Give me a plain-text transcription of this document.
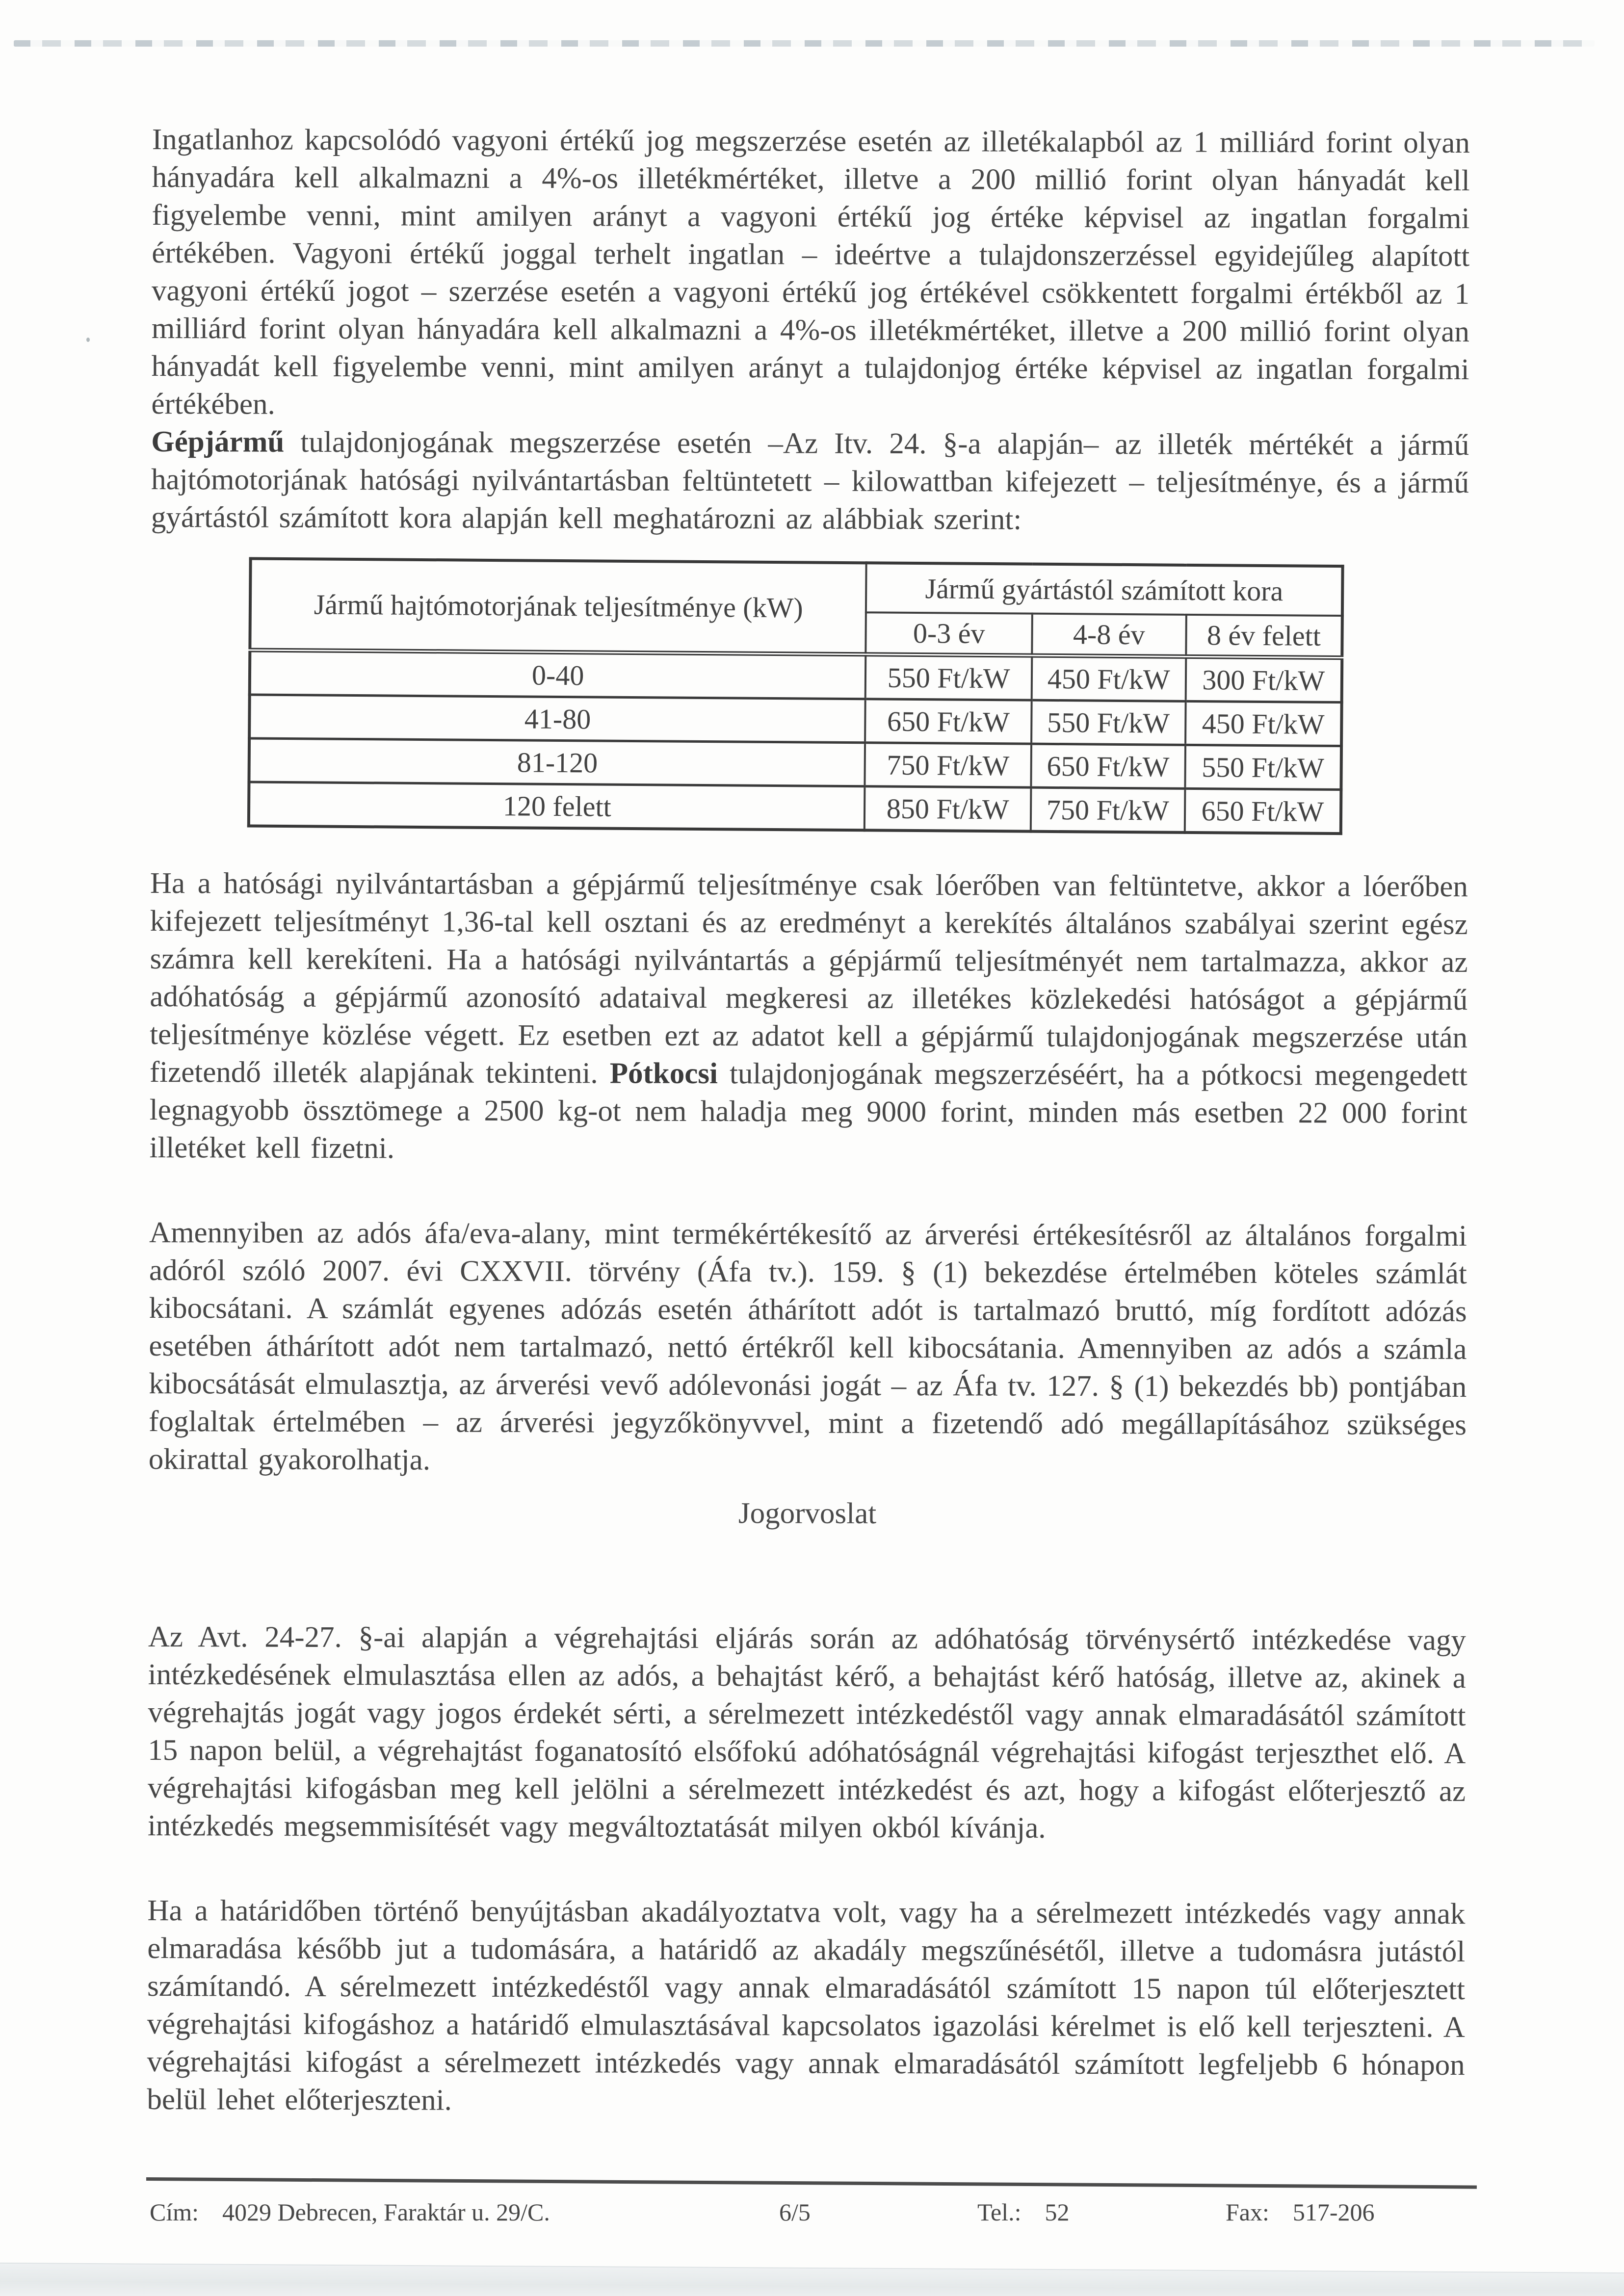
Ingatlanhoz kapcsolódó vagyoni értékű jog megszerzése esetén az illetékalapból az 1 milliárd forint olyan hányadára kell alkalmazni a 4%-os illetékmértéket, illetve a 200 millió forint olyan hányadát kell figyelembe venni, mint amilyen arányt a vagyoni értékű jog értéke képvisel az ingatlan forgalmi értékében. Vagyoni értékű joggal terhelt ingatlan – ideértve a tulajdonszerzéssel egyidejűleg alapított vagyoni értékű jogot – szerzése esetén a vagyoni értékű jog értékével csökkentett forgalmi értékből az 1 milliárd forint olyan hányadára kell alkalmazni a 4%-os illetékmértéket, illetve a 200 millió forint olyan hányadát kell figyelembe venni, mint amilyen arányt a tulajdonjog értéke képvisel az ingatlan forgalmi értékében.

Gépjármű tulajdonjogának megszerzése esetén –Az Itv. 24. §-a alapján– az illeték mértékét a jármű hajtómotorjának hatósági nyilvántartásban feltüntetett – kilowattban kifejezett – teljesítménye, és a jármű gyártástól számított kora alapján kell meghatározni az alábbiak szerint:

Jármű hajtómotorjának teljesítménye (kW)	Jármű gyártástól számított kora		
	0-3 év	4-8 év	8 év felett
0-40	550 Ft/kW	450 Ft/kW	300 Ft/kW
41-80	650 Ft/kW	550 Ft/kW	450 Ft/kW
81-120	750 Ft/kW	650 Ft/kW	550 Ft/kW
120 felett	850 Ft/kW	750 Ft/kW	650 Ft/kW

Ha a hatósági nyilvántartásban a gépjármű teljesítménye csak lóerőben van feltüntetve, akkor a lóerőben kifejezett teljesítményt 1,36-tal kell osztani és az eredményt a kerekítés általános szabályai szerint egész számra kell kerekíteni. Ha a hatósági nyilvántartás a gépjármű teljesítményét nem tartalmazza, akkor az adóhatóság a gépjármű azonosító adataival megkeresi az illetékes közlekedési hatóságot a gépjármű teljesítménye közlése végett. Ez esetben ezt az adatot kell a gépjármű tulajdonjogának megszerzése után fizetendő illeték alapjának tekinteni. Pótkocsi tulajdonjogának megszerzéséért, ha a pótkocsi megengedett legnagyobb össztömege a 2500 kg-ot nem haladja meg 9000 forint, minden más esetben 22 000 forint illetéket kell fizetni.

Amennyiben az adós áfa/eva-alany, mint termékértékesítő az árverési értékesítésről az általános forgalmi adóról szóló 2007. évi CXXVII. törvény (Áfa tv.). 159. § (1) bekezdése értelmében köteles számlát kibocsátani. A számlát egyenes adózás esetén áthárított adót is tartalmazó bruttó, míg fordított adózás esetében áthárított adót nem tartalmazó, nettó értékről kell kibocsátania. Amennyiben az adós a számla kibocsátását elmulasztja, az árverési vevő adólevonási jogát – az Áfa tv. 127. § (1) bekezdés bb) pontjában foglaltak értelmében – az árverési jegyzőkönyvvel, mint a fizetendő adó megállapításához szükséges okirattal gyakorolhatja.

Jogorvoslat

Az Avt. 24-27. §-ai alapján a végrehajtási eljárás során az adóhatóság törvénysértő intézkedése vagy intézkedésének elmulasztása ellen az adós, a behajtást kérő, a behajtást kérő hatóság, illetve az, akinek a végrehajtás jogát vagy jogos érdekét sérti, a sérelmezett intézkedéstől vagy annak elmaradásától számított 15 napon belül, a végrehajtást foganatosító elsőfokú adóhatóságnál végrehajtási kifogást terjeszthet elő. A végrehajtási kifogásban meg kell jelölni a sérelmezett intézkedést és azt, hogy a kifogást előterjesztő az intézkedés megsemmisítését vagy megváltoztatását milyen okból kívánja.

Ha a határidőben történő benyújtásban akadályoztatva volt, vagy ha a sérelmezett intézkedés vagy annak elmaradása később jut a tudomására, a határidő az akadály megszűnésétől, illetve a tudomásra jutástól számítandó. A sérelmezett intézkedéstől vagy annak elmaradásától számított 15 napon túl előterjesztett végrehajtási kifogáshoz a határidő elmulasztásával kapcsolatos igazolási kérelmet is elő kell terjeszteni. A végrehajtási kifogást a sérelmezett intézkedés vagy annak elmaradásától számított legfeljebb 6 hónapon belül lehet előterjeszteni.

Cím: 4029 Debrecen, Faraktár u. 29/C.	6/5	Tel.: 52	Fax: 517-206
